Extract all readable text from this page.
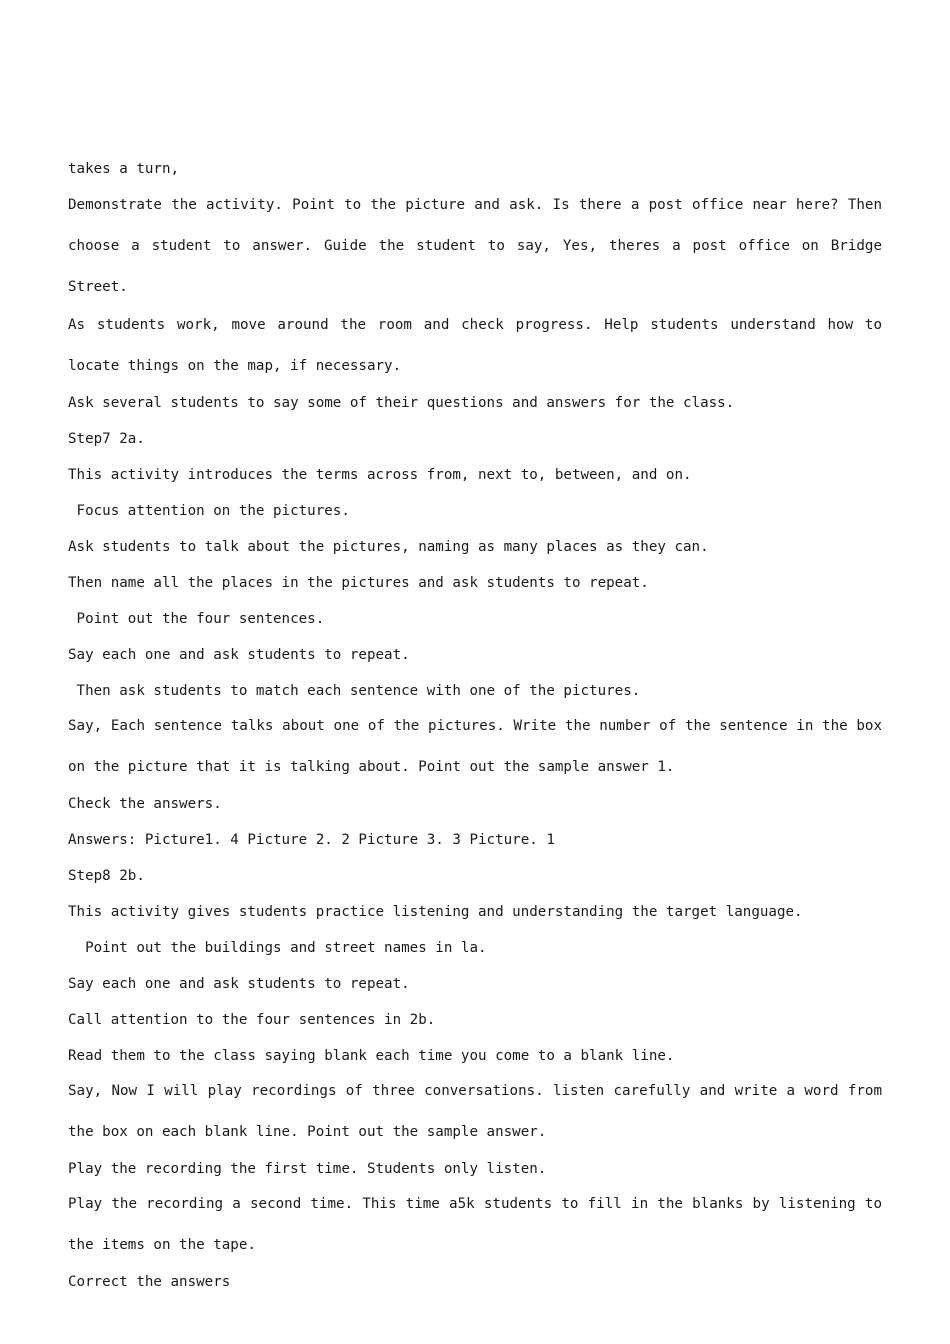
takes a turn,

Demonstrate the activity. Point to the picture and ask. Is there a post office near here? Then choose a student to answer. Guide the student to say, Yes, theres a post office on Bridge Street.

As students work, move around the room and check progress. Help students understand how to locate things on the map, if necessary.

Ask several students to say some of their questions and answers for the class.

Step7 2a.

This activity introduces the terms across from, next to, between, and on.

Focus attention on the pictures.

Ask students to talk about the pictures, naming as many places as they can.

Then name all the places in the pictures and ask students to repeat.

Point out the four sentences.

Say each one and ask students to repeat.

Then ask students to match each sentence with one of the pictures.

Say, Each sentence talks about one of the pictures. Write the number of the sentence in the box on the picture that it is talking about. Point out the sample answer 1.

Check the answers.

Answers: Picture1. 4 Picture 2. 2 Picture 3. 3 Picture. 1

Step8 2b.

This activity gives students practice listening and understanding the target language.

Point out the buildings and street names in la.

Say each one and ask students to repeat.

Call attention to the four sentences in 2b.

Read them to the class saying blank each time you come to a blank line.

Say, Now I will play recordings of three conversations. listen carefully and write a word from the box on each blank line. Point out the sample answer.

Play the recording the first time. Students only listen.

Play the recording a second time. This time a5k students to fill in the blanks by listening to the items on the tape.

Correct the answers
